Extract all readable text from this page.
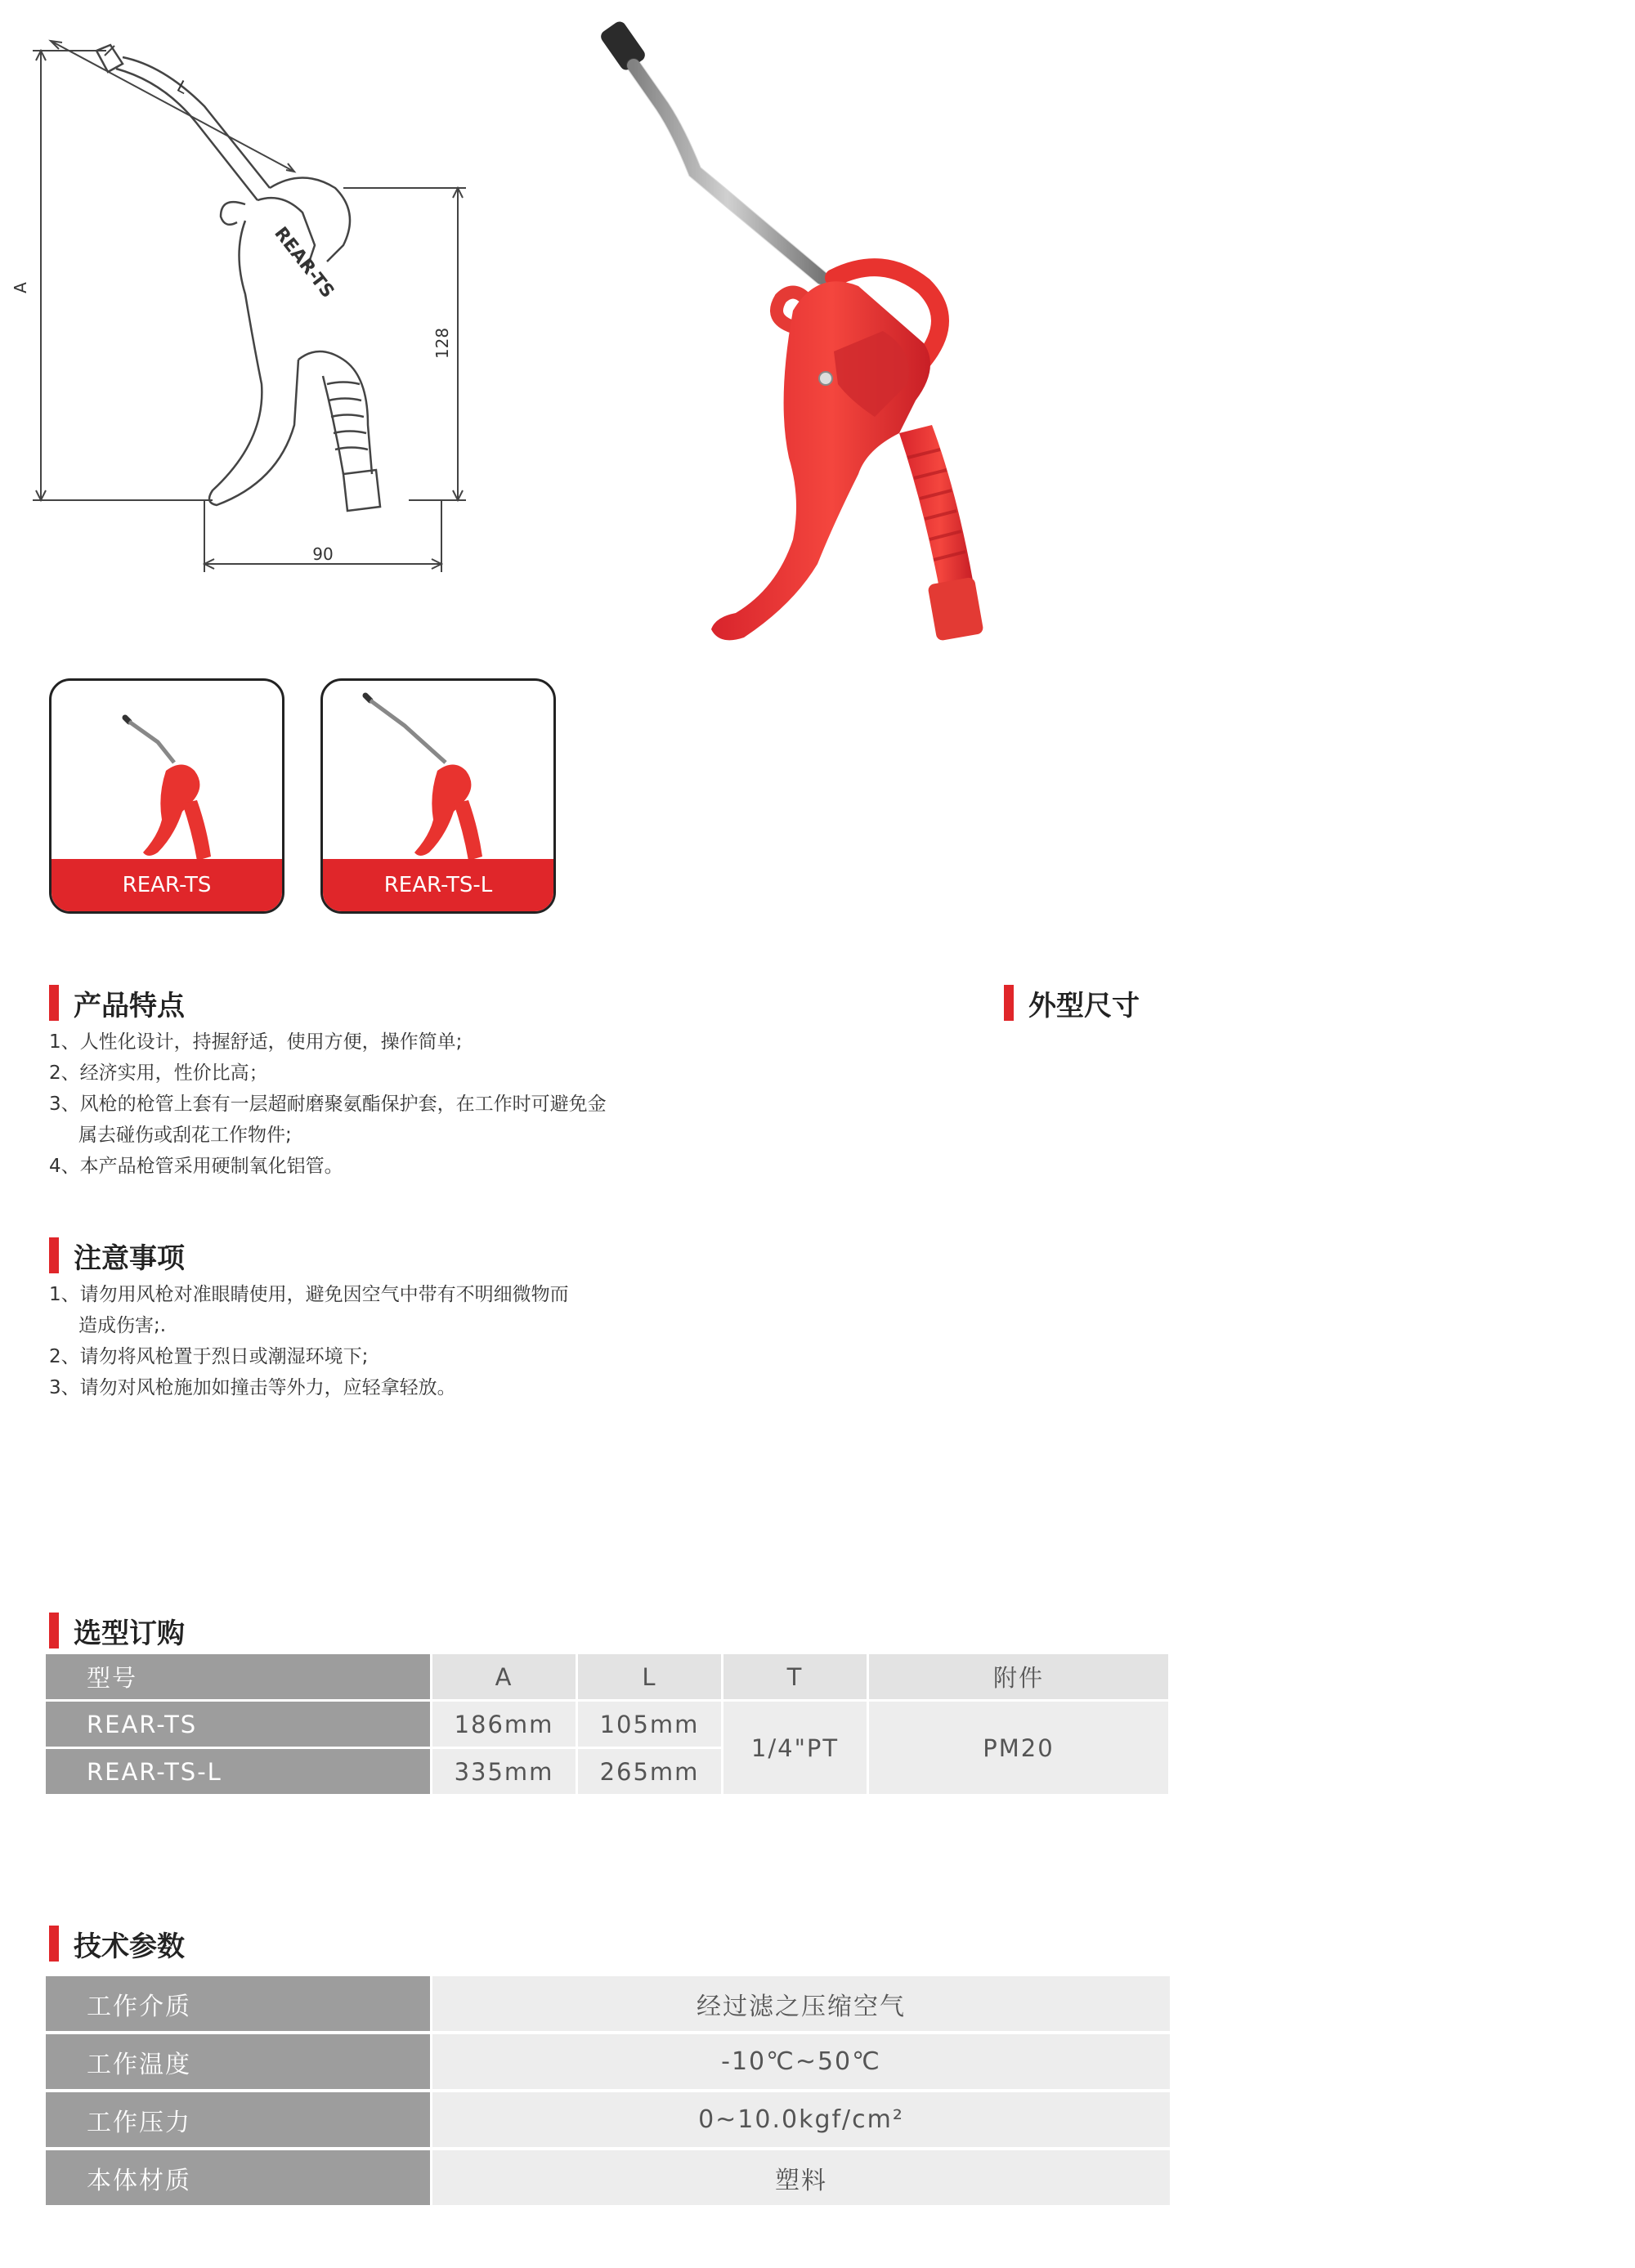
REAR-TS	REAR-TS-L
产品特点
1、人性化设计，持握舒适，使用方便，操作简单;
2、经济实用，性价比高；
3、风枪的枪管上套有一层超耐磨聚氨酯保护套，在工作时可避免金
属去碰伤或刮花工作物件;
4、本产品枪管采用硬制氧化铝管。
注意事项
1、请勿用风枪对准眼睛使用，避免因空气中带有不明细微物而
造成伤害;.
2、请勿将风枪置于烈日或潮湿环境下;
3、请勿对风枪施加如撞击等外力，应轻拿轻放。
外型尺寸
A
L
128
90
REAR-TS
选型订购
型号	A	L	T	附件
REAR-TS	186mm	105mm	1/4"PT	PM20
REAR-TS-L	335mm	265mm		
技术参数
工作介质	经过滤之压缩空气
工作温度	-10℃~50℃
工作压力	0~10.0kgf/cm²
本体材质	塑料
